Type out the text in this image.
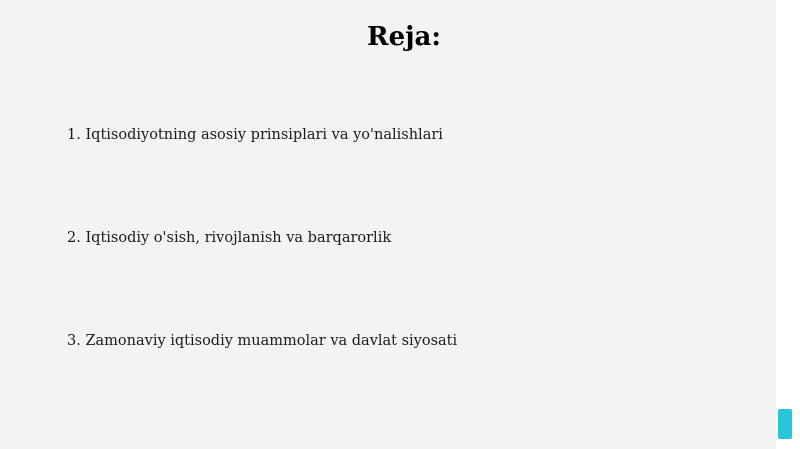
Reja:
1. Iqtisodiyotning asosiy prinsiplari va yo'nalishlari
2. Iqtisodiy o'sish, rivojlanish va barqarorlik
3. Zamonaviy iqtisodiy muammolar va davlat siyosati
